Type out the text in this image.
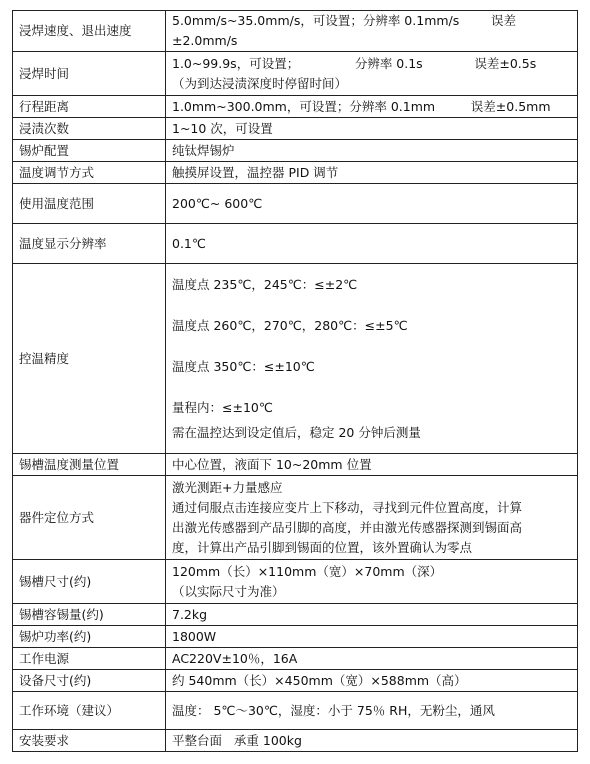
浸焊速度、退出速度	5.0mm/s~35.0mm/s，可设置；分辨率 0.1mm/s        误差±2.0mm/s

浸焊时间	1.0~99.9s，可设置；              分辨率 0.1s             误差±0.5s
（为到达浸渍深度时停留时间）

行程距离	1.0mm~300.0mm，可设置；分辨率 0.1mm         误差±0.5mm

浸渍次数	1~10 次，可设置

锡炉配置	纯钛焊锡炉

温度调节方式	触摸屏设置，温控器 PID 调节

使用温度范围	200℃~ 600℃

温度显示分辨率	0.1℃

控温精度	温度点 235℃，245℃：≤±2℃
温度点 260℃，270℃，280℃：≤±5℃
温度点 350℃：≤±10℃
量程内：≤±10℃
需在温控达到设定值后，稳定 20 分钟后测量

锡槽温度测量位置	中心位置，液面下 10~20mm 位置

器件定位方式	激光测距+力量感应
通过伺服点击连接应变片上下移动，寻找到元件位置高度，计算
出激光传感器到产品引脚的高度，并由激光传感器探测到锡面高
度，计算出产品引脚到锡面的位置，该外置确认为零点

锡槽尺寸(约)	120mm（长）×110mm（宽）×70mm（深）
（以实际尺寸为准）

锡槽容锡量(约)	7.2kg

锡炉功率(约)	1800W

工作电源	AC220V±10％，16A

设备尺寸(约)	约 540mm（长）×450mm（宽）×588mm（高）

工作环境（建议）	温度： 5℃～30℃，湿度：小于 75％ RH，无粉尘，通风

安装要求	平整台面   承重 100kg
